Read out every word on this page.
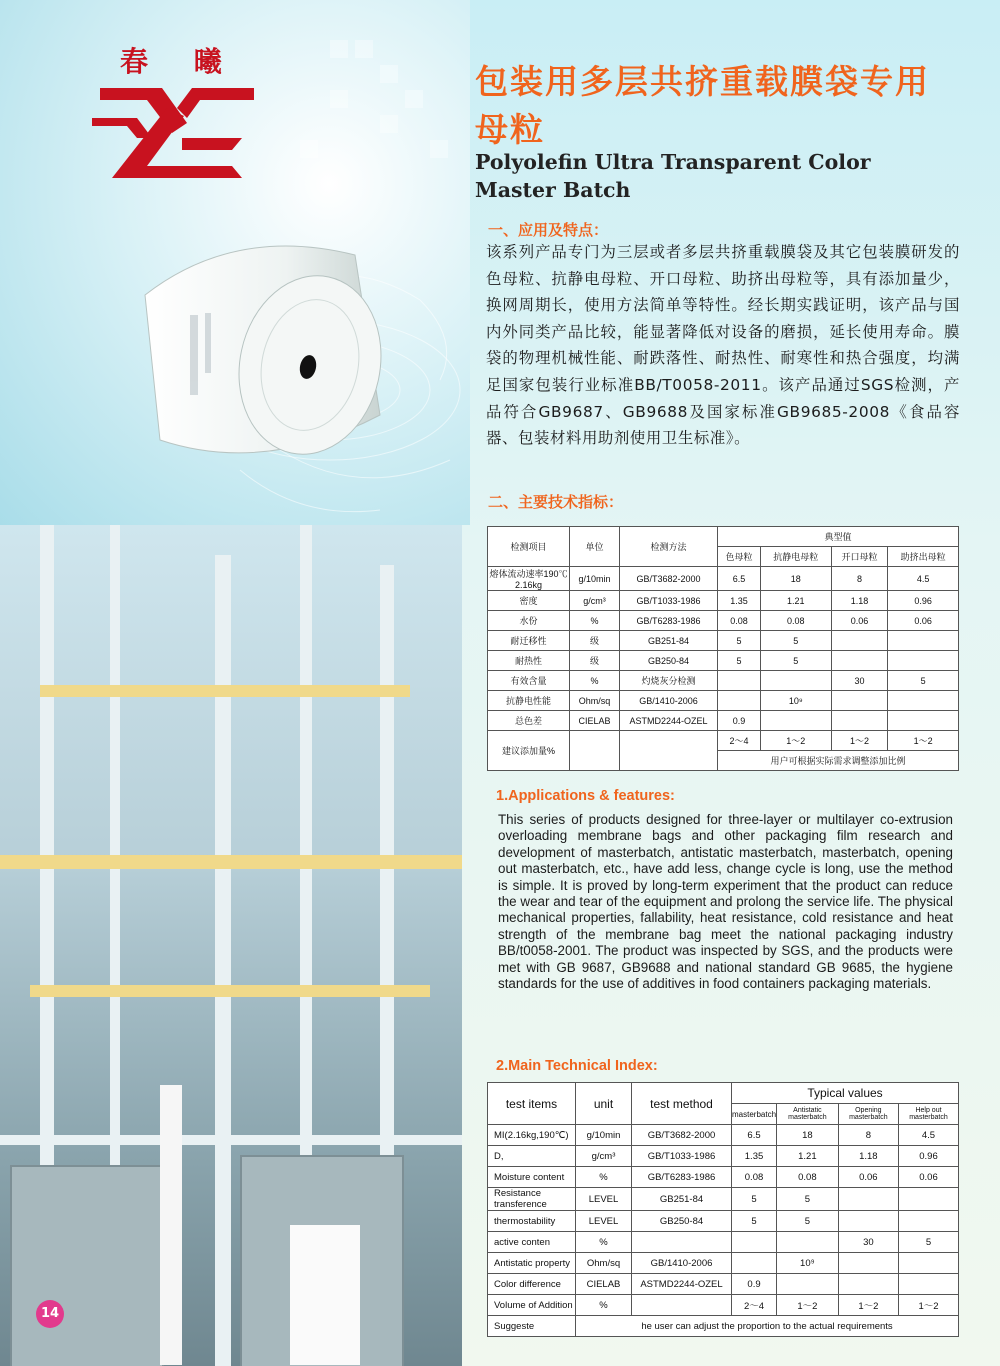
春 曦
14
包装用多层共挤重载膜袋专用母粒
Polyolefin Ultra Transparent Color Master Batch
一、应用及特点：
该系列产品专门为三层或者多层共挤重载膜袋及其它包装膜研发的色母粒、抗静电母粒、开口母粒、助挤出母粒等，具有添加量少，换网周期长，使用方法简单等特性。经长期实践证明，该产品与国内外同类产品比较，能显著降低对设备的磨损，延长使用寿命。膜袋的物理机械性能、耐跌落性、耐热性、耐寒性和热合强度，均满足国家包装行业标准BB/T0058-2011。该产品通过SGS检测，产品符合GB9687、GB9688及国家标准GB9685-2008《食品容器、包装材料用助剂使用卫生标准》。
二、主要技术指标：
检测项目	单位	检测方法	典型值			
			色母粒	抗静电母粒	开口母粒	助挤出母粒
熔体流动速率190℃ 2.16kg	g/10min	GB/T3682-2000	6.5	18	8	4.5
密度	g/cm³	GB/T1033-1986	1.35	1.21	1.18	0.96
水份	%	GB/T6283-1986	0.08	0.08	0.06	0.06
耐迁移性	级	GB251-84	5	5		
耐热性	级	GB250-84	5	5		
有效含量	%	灼烧灰分检测			30	5
抗静电性能	Ohm/sq	GB/1410-2006		10⁹		
总色差	CIELAB	ASTMD2244-OZEL	0.9			
建议添加量%			2～4	1～2	1～2	1～2
			用户可根据实际需求调整添加比例			
1.Applications & features:
This series of products designed for three-layer or multilayer co-extrusion overloading membrane bags and other packaging film research and development of masterbatch, antistatic masterbatch, masterbatch, opening out masterbatch, etc., have add less, change cycle is long, use the method is simple. It is proved by long-term experiment that the product can reduce the wear and tear of the equipment and prolong the service life. The physical mechanical properties, fallability, heat resistance, cold resistance and heat strength of the membrane bag meet the national packaging industry BB/t0058-2001. The product was inspected by SGS, and the products were met with GB 9687, GB9688 and national standard GB 9685, the hygiene standards for the use of additives in food containers packaging materials.
2.Main Technical Index:
test items	unit	test method	Typical values			
			masterbatch	Antistatic masterbatch	Opening masterbatch	Help out masterbatch
MI(2.16kg,190℃)	g/10min	GB/T3682-2000	6.5	18	8	4.5
D,	g/cm³	GB/T1033-1986	1.35	1.21	1.18	0.96
Moisture content	%	GB/T6283-1986	0.08	0.08	0.06	0.06
Resistance transference	LEVEL	GB251-84	5	5		
thermostability	LEVEL	GB250-84	5	5		
active conten	%				30	5
Antistatic property	Ohm/sq	GB/1410-2006		10⁹		
Color difference	CIELAB	ASTMD2244-OZEL	0.9			
Volume of Addition	%		2～4	1～2	1～2	1～2
Suggeste	he user can adjust the proportion to the actual requirements					
